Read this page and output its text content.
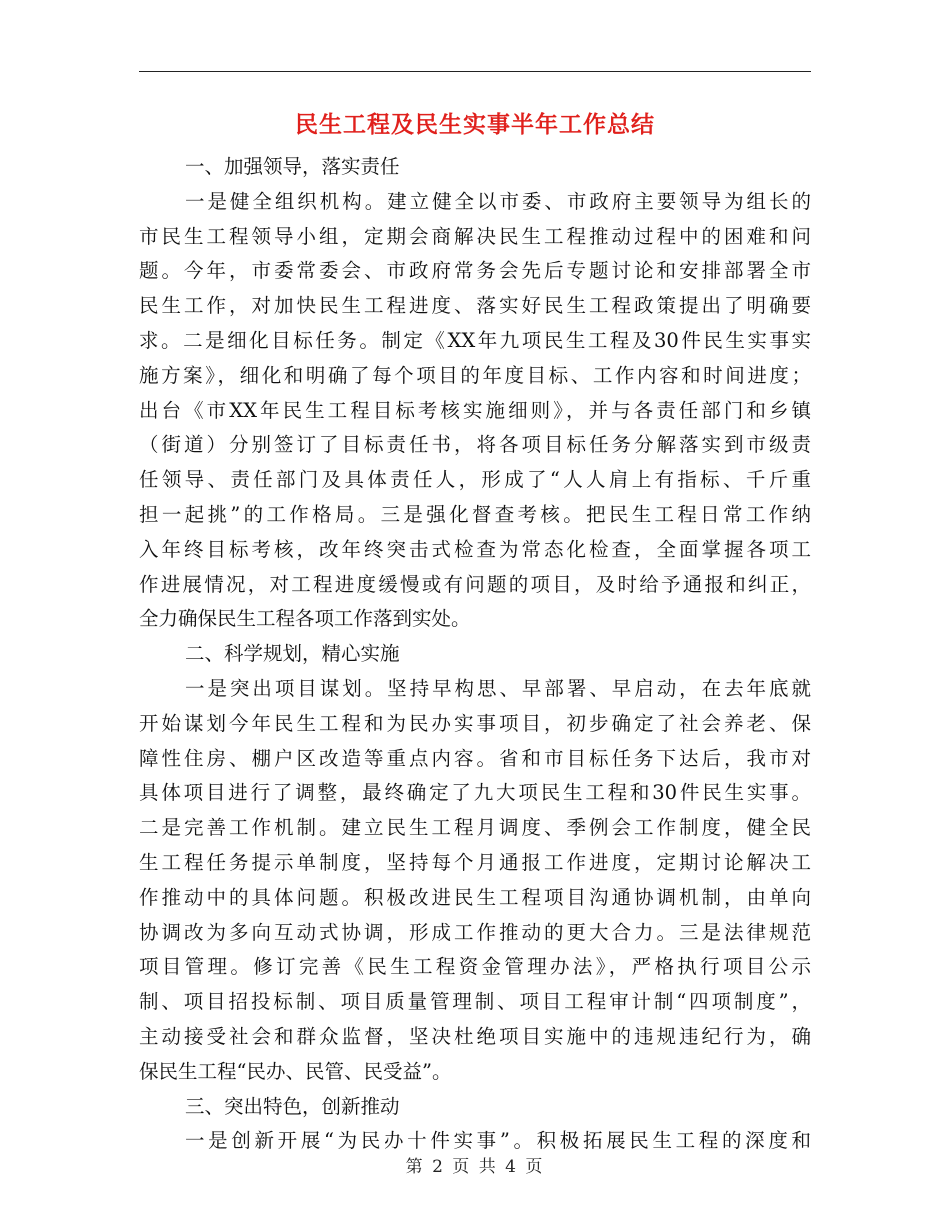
民生工程及民生实事半年工作总结
一、加强领导，落实责任
一是健全组织机构。建立健全以市委、市政府主要领导为组长的
市民生工程领导小组，定期会商解决民生工程推动过程中的困难和问
题。今年，市委常委会、市政府常务会先后专题讨论和安排部署全市
民生工作，对加快民生工程进度、落实好民生工程政策提出了明确要
求。二是细化目标任务。制定《XX年九项民生工程及30件民生实事实
施方案》，细化和明确了每个项目的年度目标、工作内容和时间进度；
出台《市XX年民生工程目标考核实施细则》，并与各责任部门和乡镇
（街道）分别签订了目标责任书，将各项目标任务分解落实到市级责
任领导、责任部门及具体责任人，形成了“人人肩上有指标、千斤重
担一起挑”的工作格局。三是强化督查考核。把民生工程日常工作纳
入年终目标考核，改年终突击式检查为常态化检查，全面掌握各项工
作进展情况，对工程进度缓慢或有问题的项目，及时给予通报和纠正，
全力确保民生工程各项工作落到实处。
二、科学规划，精心实施
一是突出项目谋划。坚持早构思、早部署、早启动，在去年底就
开始谋划今年民生工程和为民办实事项目，初步确定了社会养老、保
障性住房、棚户区改造等重点内容。省和市目标任务下达后，我市对
具体项目进行了调整，最终确定了九大项民生工程和30件民生实事。
二是完善工作机制。建立民生工程月调度、季例会工作制度，健全民
生工程任务提示单制度，坚持每个月通报工作进度，定期讨论解决工
作推动中的具体问题。积极改进民生工程项目沟通协调机制，由单向
协调改为多向互动式协调，形成工作推动的更大合力。三是法律规范
项目管理。修订完善《民生工程资金管理办法》，严格执行项目公示
制、项目招投标制、项目质量管理制、项目工程审计制“四项制度”，
主动接受社会和群众监督，坚决杜绝项目实施中的违规违纪行为，确
保民生工程“民办、民管、民受益”。
三、突出特色，创新推动
一是创新开展“为民办十件实事”。积极拓展民生工程的深度和
第 2 页 共 4 页
